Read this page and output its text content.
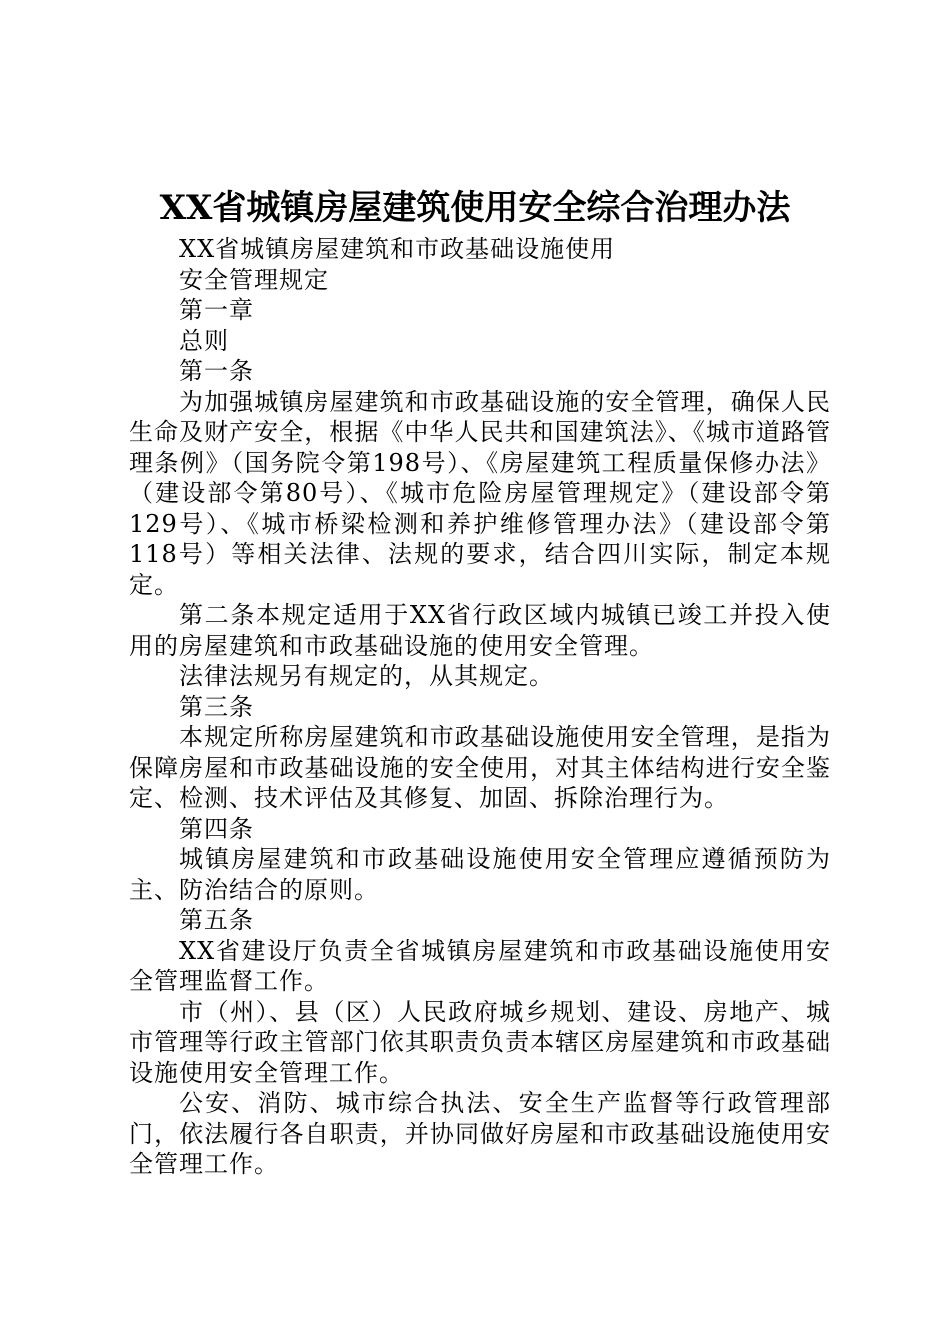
XX省城镇房屋建筑使用安全综合治理办法

XX省城镇房屋建筑和市政基础设施使用

安全管理规定

第一章

总则

第一条

为加强城镇房屋建筑和市政基础设施的安全管理，确保人民生命及财产安全，根据《中华人民共和国建筑法》、《城市道路管理条例》（国务院令第198号）、《房屋建筑工程质量保修办法》（建设部令第80号）、《城市危险房屋管理规定》（建设部令第129号）、《城市桥梁检测和养护维修管理办法》（建设部令第118号）等相关法律、法规的要求，结合四川实际，制定本规定。

第二条本规定适用于XX省行政区域内城镇已竣工并投入使用的房屋建筑和市政基础设施的使用安全管理。

法律法规另有规定的，从其规定。

第三条

本规定所称房屋建筑和市政基础设施使用安全管理，是指为保障房屋和市政基础设施的安全使用，对其主体结构进行安全鉴定、检测、技术评估及其修复、加固、拆除治理行为。

第四条

城镇房屋建筑和市政基础设施使用安全管理应遵循预防为主、防治结合的原则。

第五条

XX省建设厅负责全省城镇房屋建筑和市政基础设施使用安全管理监督工作。

市（州）、县（区）人民政府城乡规划、建设、房地产、城市管理等行政主管部门依其职责负责本辖区房屋建筑和市政基础设施使用安全管理工作。

公安、消防、城市综合执法、安全生产监督等行政管理部门，依法履行各自职责，并协同做好房屋和市政基础设施使用安全管理工作。
